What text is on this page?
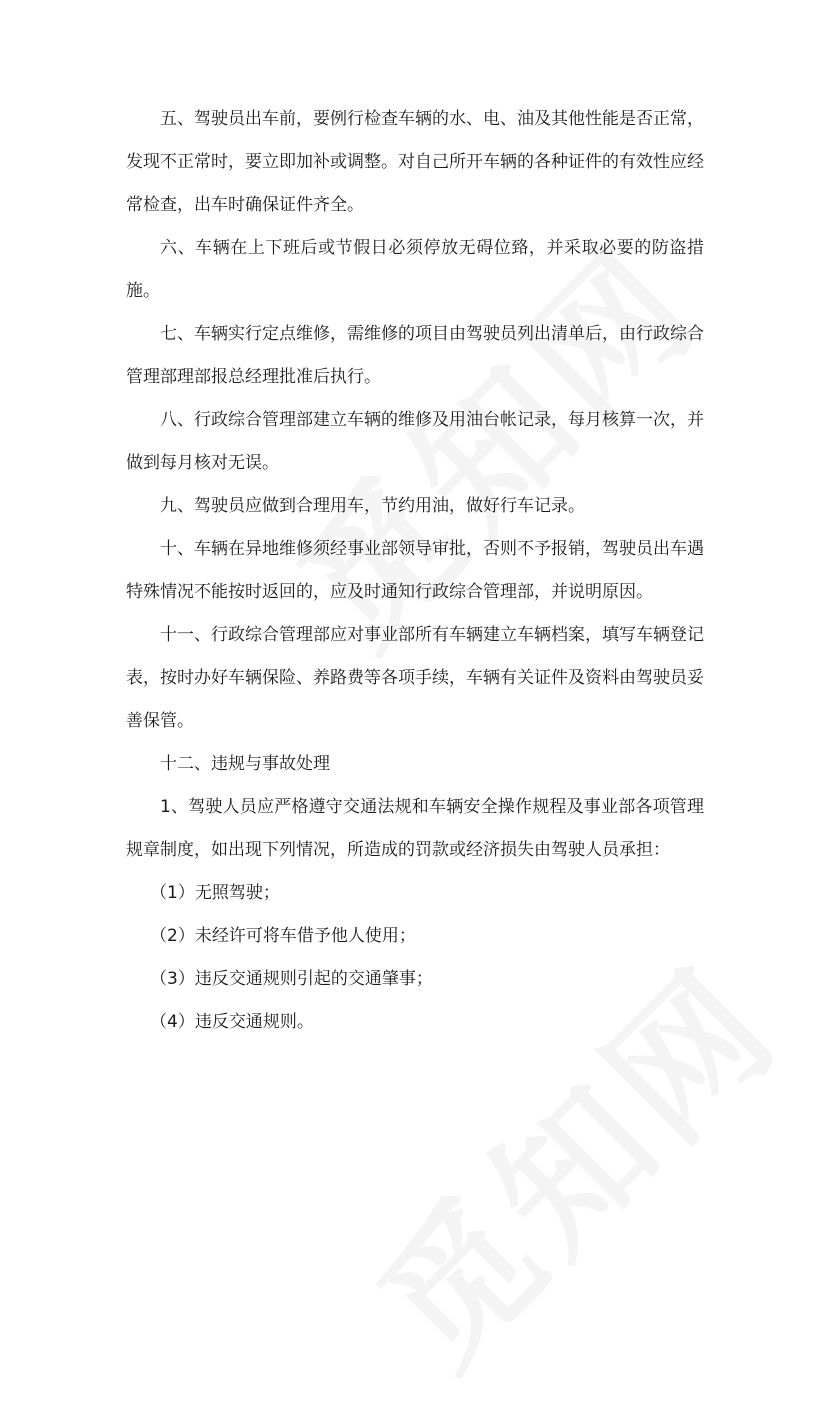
五、驾驶员出车前，要例行检查车辆的水、电、油及其他性能是否正常，发现不正常时，要立即加补或调整。对自己所开车辆的各种证件的有效性应经常检查，出车时确保证件齐全。

六、车辆在上下班后或节假日必须停放无碍位臵，并采取必要的防盗措施。

七、车辆实行定点维修，需维修的项目由驾驶员列出清单后，由行政综合管理部理部报总经理批准后执行。

八、行政综合管理部建立车辆的维修及用油台帐记录，每月核算一次，并做到每月核对无误。

九、驾驶员应做到合理用车，节约用油，做好行车记录。

十、车辆在异地维修须经事业部领导审批，否则不予报销，驾驶员出车遇特殊情况不能按时返回的，应及时通知行政综合管理部，并说明原因。

十一、行政综合管理部应对事业部所有车辆建立车辆档案，填写车辆登记表，按时办好车辆保险、养路费等各项手续，车辆有关证件及资料由驾驶员妥善保管。

十二、违规与事故处理

1、驾驶人员应严格遵守交通法规和车辆安全操作规程及事业部各项管理规章制度，如出现下列情况，所造成的罚款或经济损失由驾驶人员承担：

（1）无照驾驶；

（2）未经许可将车借予他人使用；

（3）违反交通规则引起的交通肇事；

（4）违反交通规则。
